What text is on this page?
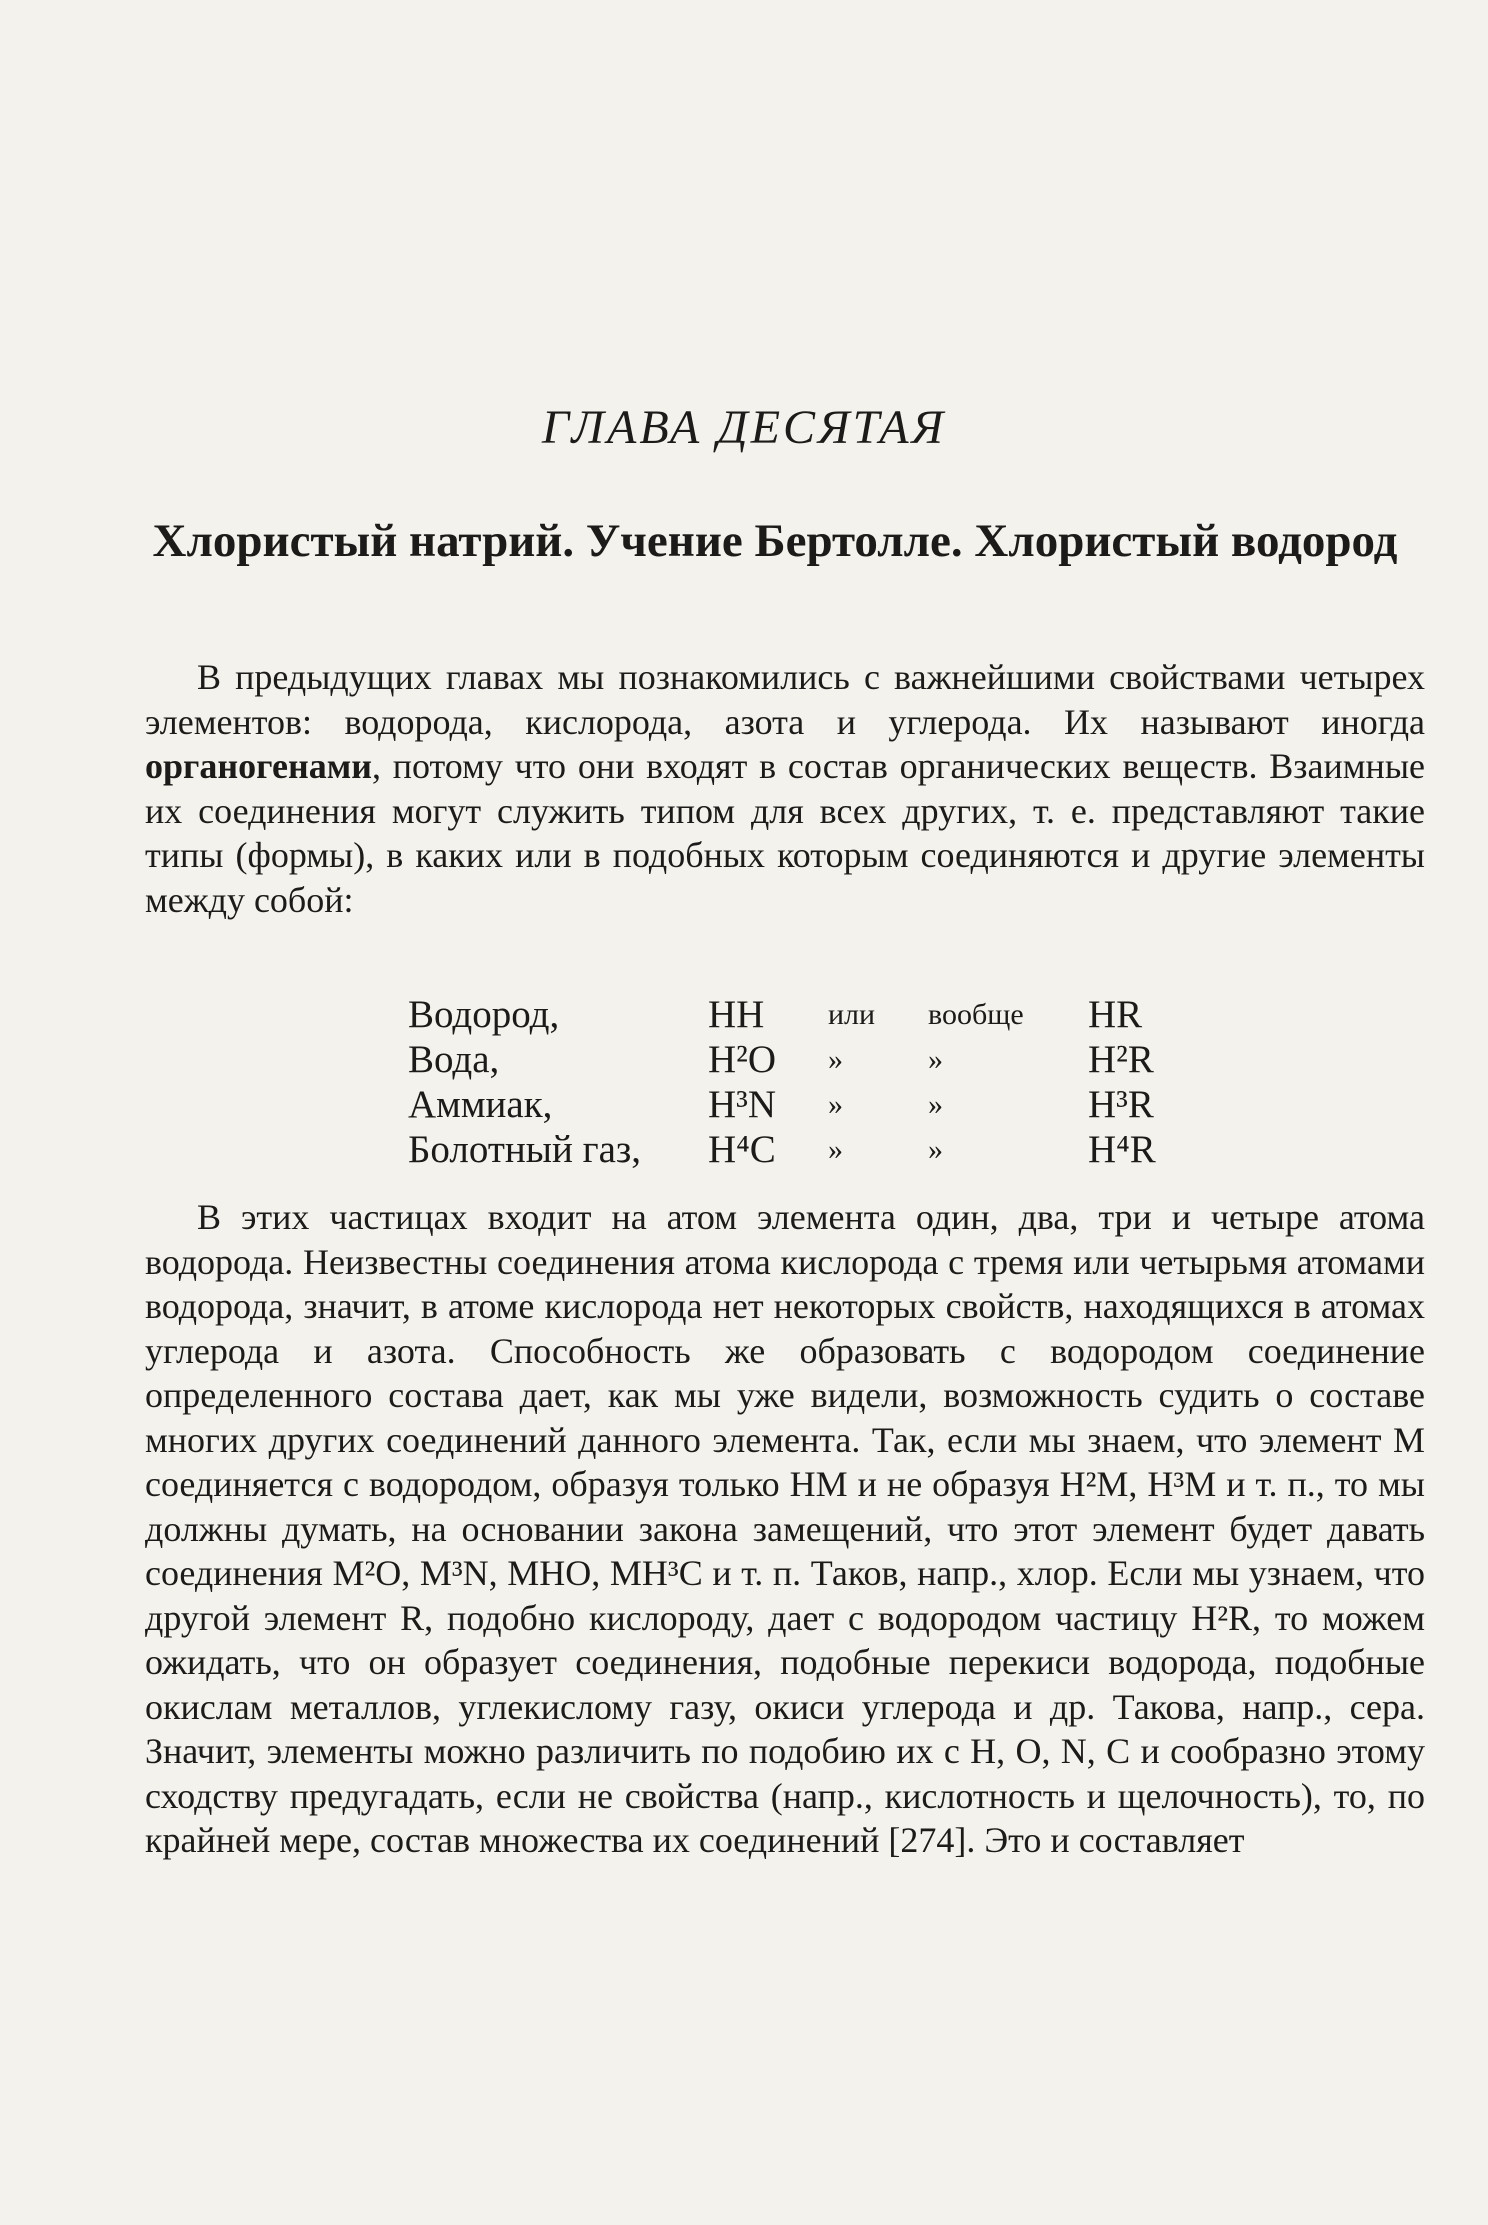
ГЛАВА ДЕСЯТАЯ
Хлористый натрий. Учение Бертолле. Хлористый водород
В предыдущих главах мы познакомились с важнейшими свойствами четырех элементов: водорода, кислорода, азота и углерода. Их называют иногда органогенами, потому что они входят в состав органических веществ. Взаимные их соединения могут служить типом для всех других, т. е. представляют такие типы (формы), в каких или в подобных которым соединяются и другие элементы между собой:
Водород,	HH	или	вообще	HR
Вода,	H²O	»	»	H²R
Аммиак,	H³N	»	»	H³R
Болотный газ,	H⁴C	»	»	H⁴R
В этих частицах входит на атом элемента один, два, три и четыре атома водорода. Неизвестны соединения атома кислорода с тремя или четырьмя атомами водорода, значит, в атоме кислорода нет некоторых свойств, находящихся в атомах углерода и азота. Способность же образовать с водородом соединение определенного состава дает, как мы уже видели, возможность судить о составе многих других соединений данного элемента. Так, если мы знаем, что элемент M соединяется с водородом, образуя только HM и не образуя H²M, H³M и т. п., то мы должны думать, на основании закона замещений, что этот элемент будет давать соединения M²O, M³N, MHO, MH³C и т. п. Таков, напр., хлор. Если мы узнаем, что другой элемент R, подобно кислороду, дает с водородом частицу H²R, то можем ожидать, что он образует соединения, подобные перекиси водорода, подобные окислам металлов, углекислому газу, окиси углерода и др. Такова, напр., сера. Значит, элементы можно различить по подобию их с H, O, N, C и сообразно этому сходству предугадать, если не свойства (напр., кислотность и щелочность), то, по крайней мере, состав множества их соединений [274]. Это и составляет
